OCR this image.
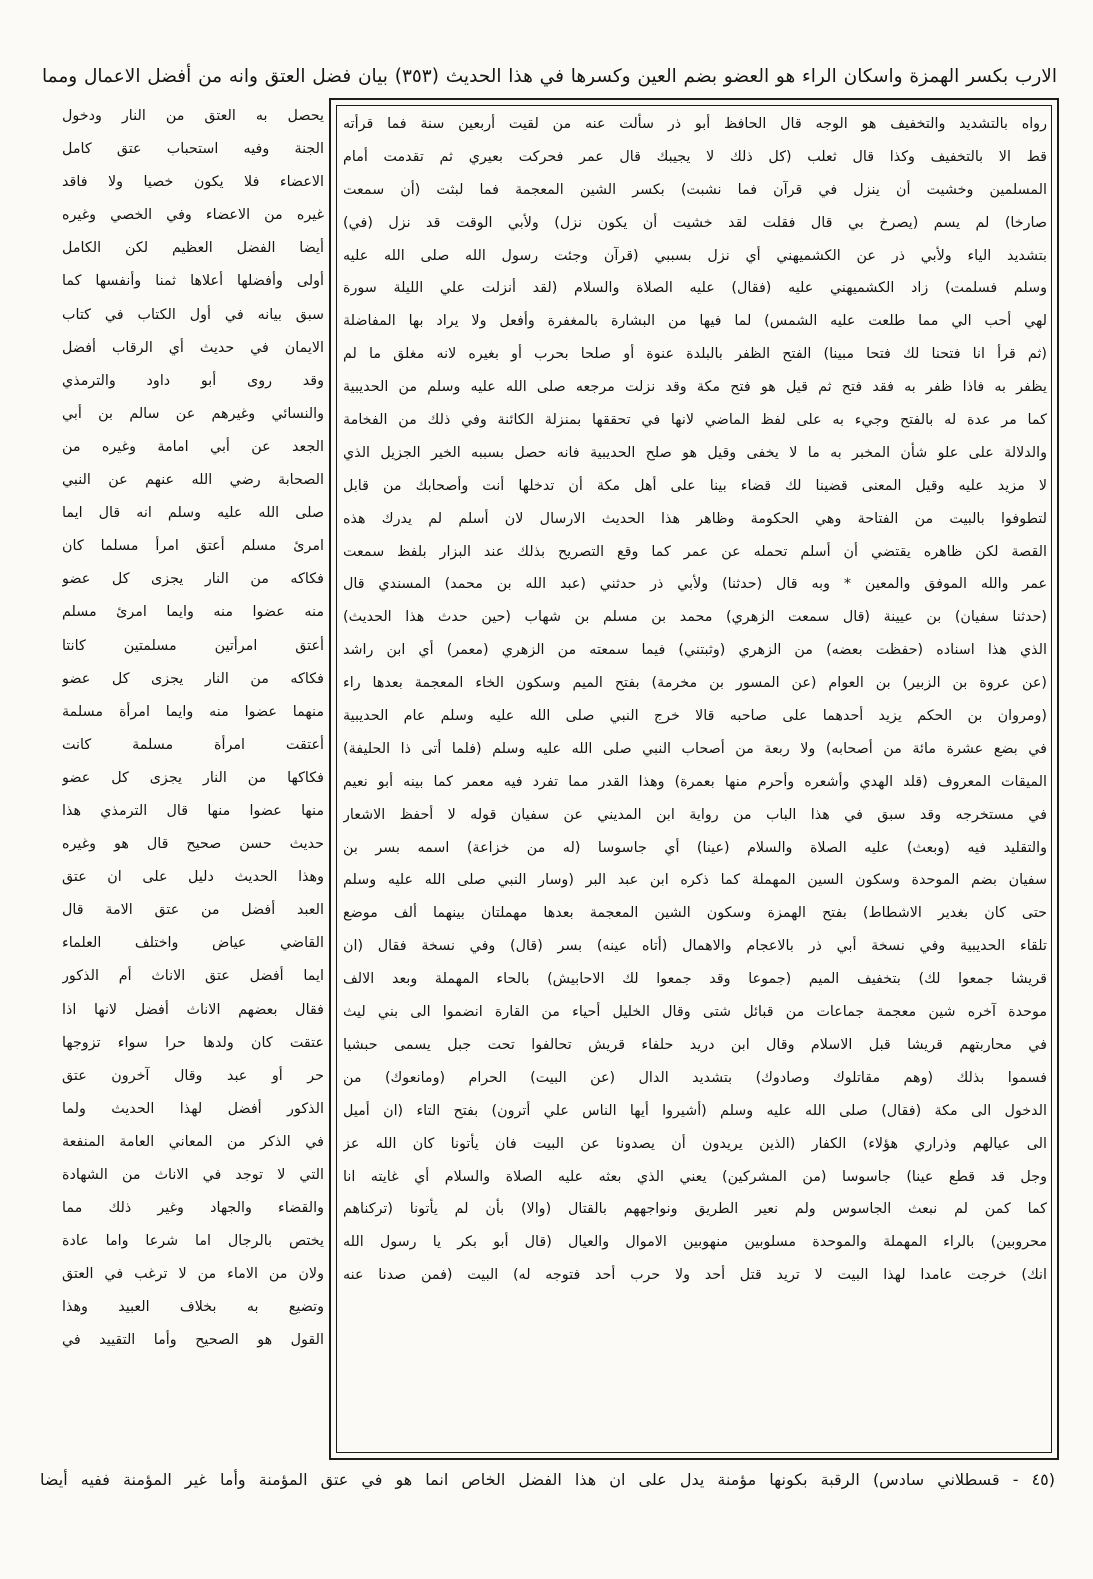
الارب بكسر الهمزة واسكان الراء هو العضو بضم العين وكسرها في هذا الحديث (٣٥٣) بيان فضل العتق وانه من أفضل الاعمال ومما
رواه بالتشديد والتخفيف هو الوجه قال الحافظ أبو ذر سألت عنه من لقيت أربعين سنة فما قرأته
قط الا بالتخفيف وكذا قال ثعلب (كل ذلك لا يجيبك قال عمر فحركت بعيري ثم تقدمت أمام
المسلمين وخشيت أن ينزل في قرآن فما نشبت) بكسر الشين المعجمة فما لبثت (أن سمعت
صارخا) لم يسم (يصرخ بي قال فقلت لقد خشيت أن يكون نزل) ولأبي الوقت قد نزل (في)
بتشديد الياء ولأبي ذر عن الكشميهني أي نزل بسببي (قرآن وجئت رسول الله صلى الله عليه
وسلم فسلمت) زاد الكشميهني عليه (فقال) عليه الصلاة والسلام (لقد أنزلت علي الليلة سورة
لهي أحب الي مما طلعت عليه الشمس) لما فيها من البشارة بالمغفرة وأفعل ولا يراد بها المفاضلة
(ثم قرأ انا فتحنا لك فتحا مبينا) الفتح الظفر بالبلدة عنوة أو صلحا بحرب أو بغيره لانه مغلق ما لم
يظفر به فاذا ظفر به فقد فتح ثم قيل هو فتح مكة وقد نزلت مرجعه صلى الله عليه وسلم من الحديبية
كما مر عدة له بالفتح وجيء به على لفظ الماضي لانها في تحققها بمنزلة الكائنة وفي ذلك من الفخامة
والدلالة على علو شأن المخبر به ما لا يخفى وقيل هو صلح الحديبية فانه حصل بسببه الخير الجزيل الذي
لا مزيد عليه وقيل المعنى قضينا لك قضاء بينا على أهل مكة أن تدخلها أنت وأصحابك من قابل
لتطوفوا بالبيت من الفتاحة وهي الحكومة وظاهر هذا الحديث الارسال لان أسلم لم يدرك هذه
القصة لكن ظاهره يقتضي أن أسلم تحمله عن عمر كما وقع التصريح بذلك عند البزار بلفظ سمعت
عمر والله الموفق والمعين * وبه قال (حدثنا) ولأبي ذر حدثني (عبد الله بن محمد) المسندي قال
(حدثنا سفيان) بن عيينة (قال سمعت الزهري) محمد بن مسلم بن شهاب (حين حدث هذا الحديث)
الذي هذا اسناده (حفظت بعضه) من الزهري (وثبتني) فيما سمعته من الزهري (معمر) أي ابن راشد
(عن عروة بن الزبير) بن العوام (عن المسور بن مخرمة) بفتح الميم وسكون الخاء المعجمة بعدها راء
(ومروان بن الحكم يزيد أحدهما على صاحبه قالا خرج النبي صلى الله عليه وسلم عام الحديبية
في بضع عشرة مائة من أصحابه) ولا ربعة من أصحاب النبي صلى الله عليه وسلم (فلما أتى ذا الحليفة)
الميقات المعروف (قلد الهدي وأشعره وأحرم منها بعمرة) وهذا القدر مما تفرد فيه معمر كما بينه أبو نعيم
في مستخرجه وقد سبق في هذا الباب من رواية ابن المديني عن سفيان قوله لا أحفظ الاشعار
والتقليد فيه (وبعث) عليه الصلاة والسلام (عينا) أي جاسوسا (له من خزاعة) اسمه بسر بن
سفيان بضم الموحدة وسكون السين المهملة كما ذكره ابن عبد البر (وسار النبي صلى الله عليه وسلم
حتى كان بغدير الاشطاط) بفتح الهمزة وسكون الشين المعجمة بعدها مهملتان بينهما ألف موضع
تلقاء الحديبية وفي نسخة أبي ذر بالاعجام والاهمال (أتاه عينه) بسر (قال) وفي نسخة فقال (ان
قريشا جمعوا لك) بتخفيف الميم (جموعا وقد جمعوا لك الاحابيش) بالحاء المهملة وبعد الالف
موحدة آخره شين معجمة جماعات من قبائل شتى وقال الخليل أحياء من القارة انضموا الى بني ليث
في محاربتهم قريشا قبل الاسلام وقال ابن دريد حلفاء قريش تحالفوا تحت جبل يسمى حبشيا
فسموا بذلك (وهم مقاتلوك وصادوك) بتشديد الدال (عن البيت) الحرام (ومانعوك) من
الدخول الى مكة (فقال) صلى الله عليه وسلم (أشيروا أيها الناس علي أترون) بفتح التاء (ان أميل
الى عيالهم وذراري هؤلاء) الكفار (الذين يريدون أن يصدونا عن البيت فان يأتونا كان الله عز
وجل قد قطع عينا) جاسوسا (من المشركين) يعني الذي بعثه عليه الصلاة والسلام أي غايته انا
كما كمن لم نبعث الجاسوس ولم نعير الطريق ونواجههم بالقتال (والا) بأن لم يأتونا (تركناهم
محروبين) بالراء المهملة والموحدة مسلوبين منهوبين الاموال والعيال (قال أبو بكر يا رسول الله
انك) خرجت عامدا لهذا البيت لا تريد قتل أحد ولا حرب أحد فتوجه له) البيت (فمن صدنا عنه
يحصل به العتق من النار ودخول
الجنة وفيه استحباب عتق كامل
الاعضاء فلا يكون خصيا ولا فاقد
غيره من الاعضاء وفي الخصي وغيره
أيضا الفضل العظيم لكن الكامل
أولى وأفضلها أعلاها ثمنا وأنفسها كما
سبق بيانه في أول الكتاب في كتاب
الايمان في حديث أي الرقاب أفضل
وقد روى أبو داود والترمذي
والنسائي وغيرهم عن سالم بن أبي
الجعد عن أبي امامة وغيره من
الصحابة رضي الله عنهم عن النبي
صلى الله عليه وسلم انه قال ايما
امرئ مسلم أعتق امرأ مسلما كان
فكاكه من النار يجزى كل عضو
منه عضوا منه وايما امرئ مسلم
أعتق امرأتين مسلمتين كانتا
فكاكه من النار يجزى كل عضو
منهما عضوا منه وايما امرأة مسلمة
أعتقت امرأة مسلمة كانت
فكاكها من النار يجزى كل عضو
منها عضوا منها قال الترمذي هذا
حديث حسن صحيح قال هو وغيره
وهذا الحديث دليل على ان عتق
العبد أفضل من عتق الامة قال
القاضي عياض واختلف العلماء
ايما أفضل عتق الاناث أم الذكور
فقال بعضهم الاناث أفضل لانها اذا
عتقت كان ولدها حرا سواء تزوجها
حر أو عبد وقال آخرون عتق
الذكور أفضل لهذا الحديث ولما
في الذكر من المعاني العامة المنفعة
التي لا توجد في الاناث من الشهادة
والقضاء والجهاد وغير ذلك مما
يختص بالرجال اما شرعا واما عادة
ولان من الاماء من لا ترغب في العتق
وتضيع به بخلاف العبيد وهذا
القول هو الصحيح وأما التقييد في
(٤٥ - قسطلاني سادس) الرقبة بكونها مؤمنة يدل على ان هذا الفضل الخاص انما هو في عتق المؤمنة وأما غير المؤمنة ففيه أيضا
